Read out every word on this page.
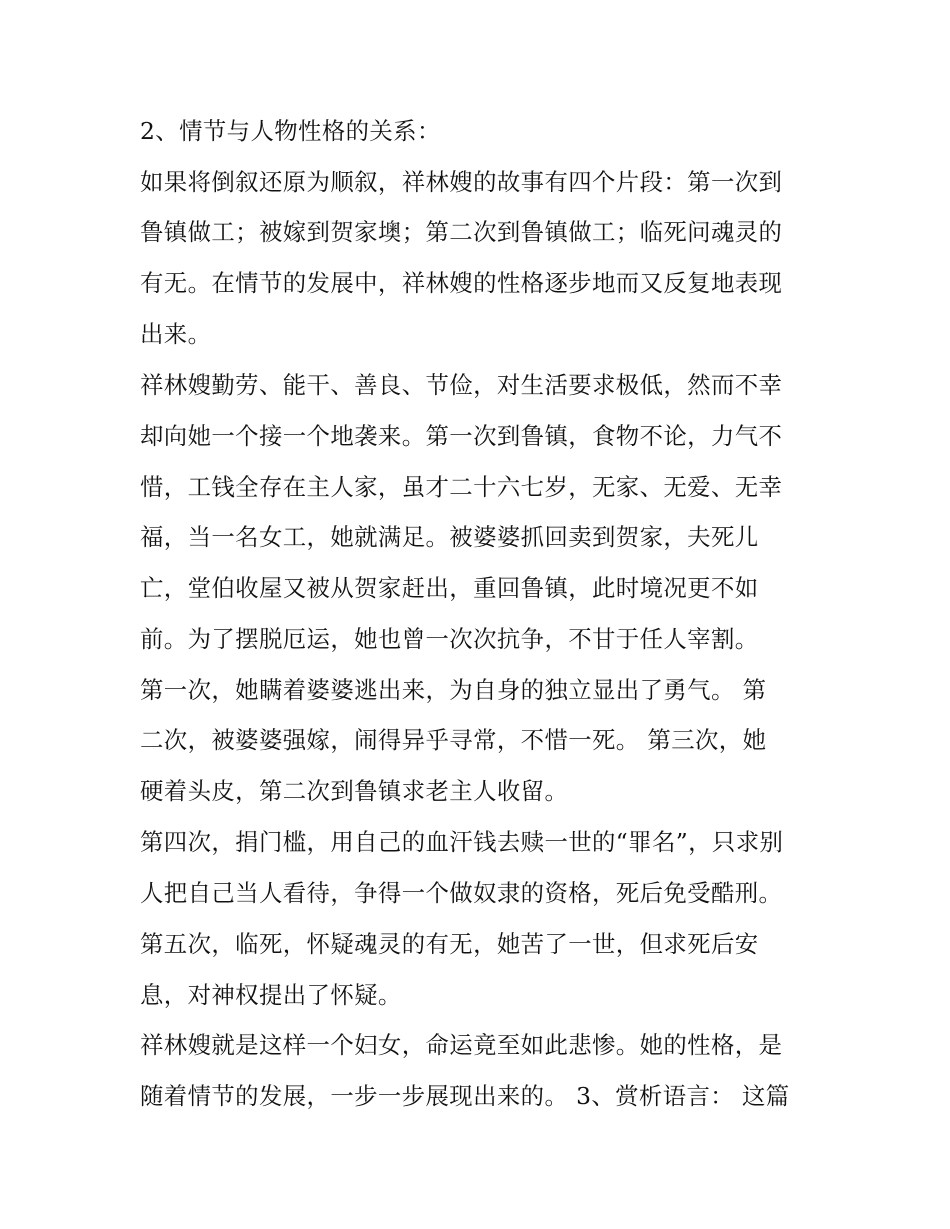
2、情节与人物性格的关系：
如果将倒叙还原为顺叙，祥林嫂的故事有四个片段：第一次到
鲁镇做工；被嫁到贺家墺；第二次到鲁镇做工；临死问魂灵的
有无。在情节的发展中，祥林嫂的性格逐步地而又反复地表现
出来。
祥林嫂勤劳、能干、善良、节俭，对生活要求极低，然而不幸
却向她一个接一个地袭来。第一次到鲁镇，食物不论，力气不
惜，工钱全存在主人家，虽才二十六七岁，无家、无爱、无幸
福，当一名女工，她就满足。被婆婆抓回卖到贺家，夫死儿
亡，堂伯收屋又被从贺家赶出，重回鲁镇，此时境况更不如
前。为了摆脱厄运，她也曾一次次抗争，不甘于任人宰割。
第一次，她瞒着婆婆逃出来，为自身的独立显出了勇气。 第
二次，被婆婆强嫁，闹得异乎寻常，不惜一死。 第三次，她
硬着头皮，第二次到鲁镇求老主人收留。
第四次，捐门槛，用自己的血汗钱去赎一世的“罪名”，只求别
人把自己当人看待，争得一个做奴隶的资格，死后免受酷刑。
第五次，临死，怀疑魂灵的有无，她苦了一世，但求死后安
息，对神权提出了怀疑。
祥林嫂就是这样一个妇女，命运竟至如此悲惨。她的性格，是
随着情节的发展，一步一步展现出来的。 3、赏析语言： 这篇
